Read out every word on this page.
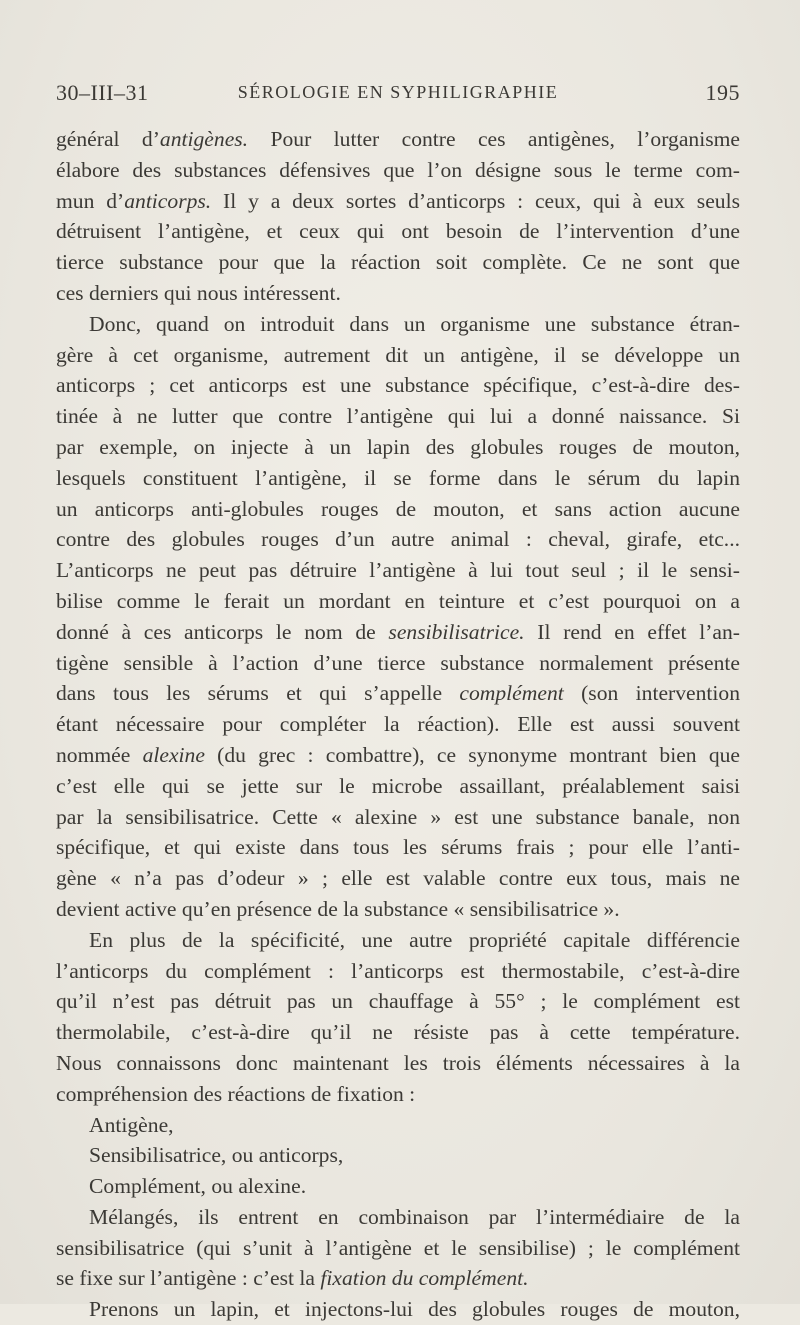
30–III–31	SÉROLOGIE EN SYPHILIGRAPHIE	195
général d’antigènes. Pour lutter contre ces antigènes, l’organisme
élabore des substances défensives que l’on désigne sous le terme com-
mun d’anticorps. Il y a deux sortes d’anticorps : ceux, qui à eux seuls
détruisent l’antigène, et ceux qui ont besoin de l’intervention d’une
tierce substance pour que la réaction soit complète. Ce ne sont que
ces derniers qui nous intéressent.
Donc, quand on introduit dans un organisme une substance étran-
gère à cet organisme, autrement dit un antigène, il se développe un
anticorps ; cet anticorps est une substance spécifique, c’est-à-dire des-
tinée à ne lutter que contre l’antigène qui lui a donné naissance. Si
par exemple, on injecte à un lapin des globules rouges de mouton,
lesquels constituent l’antigène, il se forme dans le sérum du lapin
un anticorps anti-globules rouges de mouton, et sans action aucune
contre des globules rouges d’un autre animal : cheval, girafe, etc...
L’anticorps ne peut pas détruire l’antigène à lui tout seul ; il le sensi-
bilise comme le ferait un mordant en teinture et c’est pourquoi on a
donné à ces anticorps le nom de sensibilisatrice. Il rend en effet l’an-
tigène sensible à l’action d’une tierce substance normalement présente
dans tous les sérums et qui s’appelle complément (son intervention
étant nécessaire pour compléter la réaction). Elle est aussi souvent
nommée alexine (du grec : combattre), ce synonyme montrant bien que
c’est elle qui se jette sur le microbe assaillant, préalablement saisi
par la sensibilisatrice. Cette « alexine » est une substance banale, non
spécifique, et qui existe dans tous les sérums frais ; pour elle l’anti-
gène « n’a pas d’odeur » ; elle est valable contre eux tous, mais ne
devient active qu’en présence de la substance « sensibilisatrice ».
En plus de la spécificité, une autre propriété capitale différencie
l’anticorps du complément : l’anticorps est thermostabile, c’est-à-dire
qu’il n’est pas détruit pas un chauffage à 55° ; le complément est
thermolabile, c’est-à-dire qu’il ne résiste pas à cette température.
Nous connaissons donc maintenant les trois éléments nécessaires à la
compréhension des réactions de fixation :
Antigène,
Sensibilisatrice, ou anticorps,
Complément, ou alexine.
Mélangés, ils entrent en combinaison par l’intermédiaire de la
sensibilisatrice (qui s’unit à l’antigène et le sensibilise) ; le complément
se fixe sur l’antigène : c’est la fixation du complément.
Prenons un lapin, et injectons-lui des globules rouges de mouton,
